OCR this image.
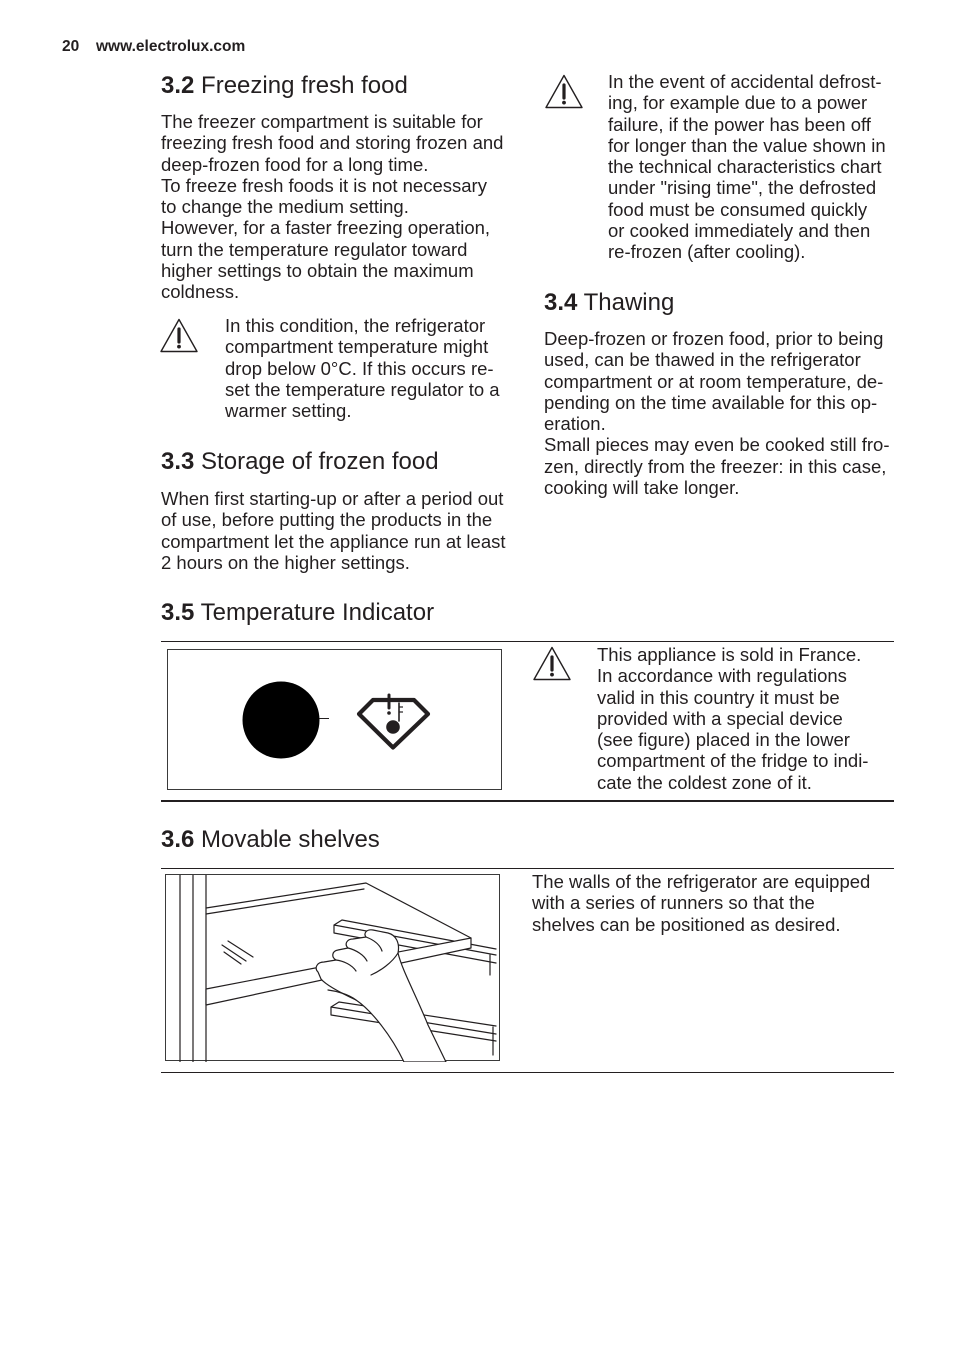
20 www.electrolux.com
3.2 Freezing fresh food
The freezer compartment is suitable for
freezing fresh food and storing frozen and
deep-frozen food for a long time.
To freeze fresh foods it is not necessary
to change the medium setting.
However, for a faster freezing operation,
turn the temperature regulator toward
higher settings to obtain the maximum
coldness.
In this condition, the refrigerator
compartment temperature might
drop below 0°C. If this occurs re-
set the temperature regulator to a
warmer setting.
3.3 Storage of frozen food
When first starting-up or after a period out
of use, before putting the products in the
compartment let the appliance run at least
2 hours on the higher settings.
In the event of accidental defrost-
ing, for example due to a power
failure, if the power has been off
for longer than the value shown in
the technical characteristics chart
under "rising time", the defrosted
food must be consumed quickly
or cooked immediately and then
re-frozen (after cooling).
3.4 Thawing
Deep-frozen or frozen food, prior to being
used, can be thawed in the refrigerator
compartment or at room temperature, de-
pending on the time available for this op-
eration.
Small pieces may even be cooked still fro-
zen, directly from the freezer: in this case,
cooking will take longer.
3.5 Temperature Indicator
This appliance is sold in France.
In accordance with regulations
valid in this country it must be
provided with a special device
(see figure) placed in the lower
compartment of the fridge to indi-
cate the coldest zone of it.
3.6 Movable shelves
The walls of the refrigerator are equipped
with a series of runners so that the
shelves can be positioned as desired.
